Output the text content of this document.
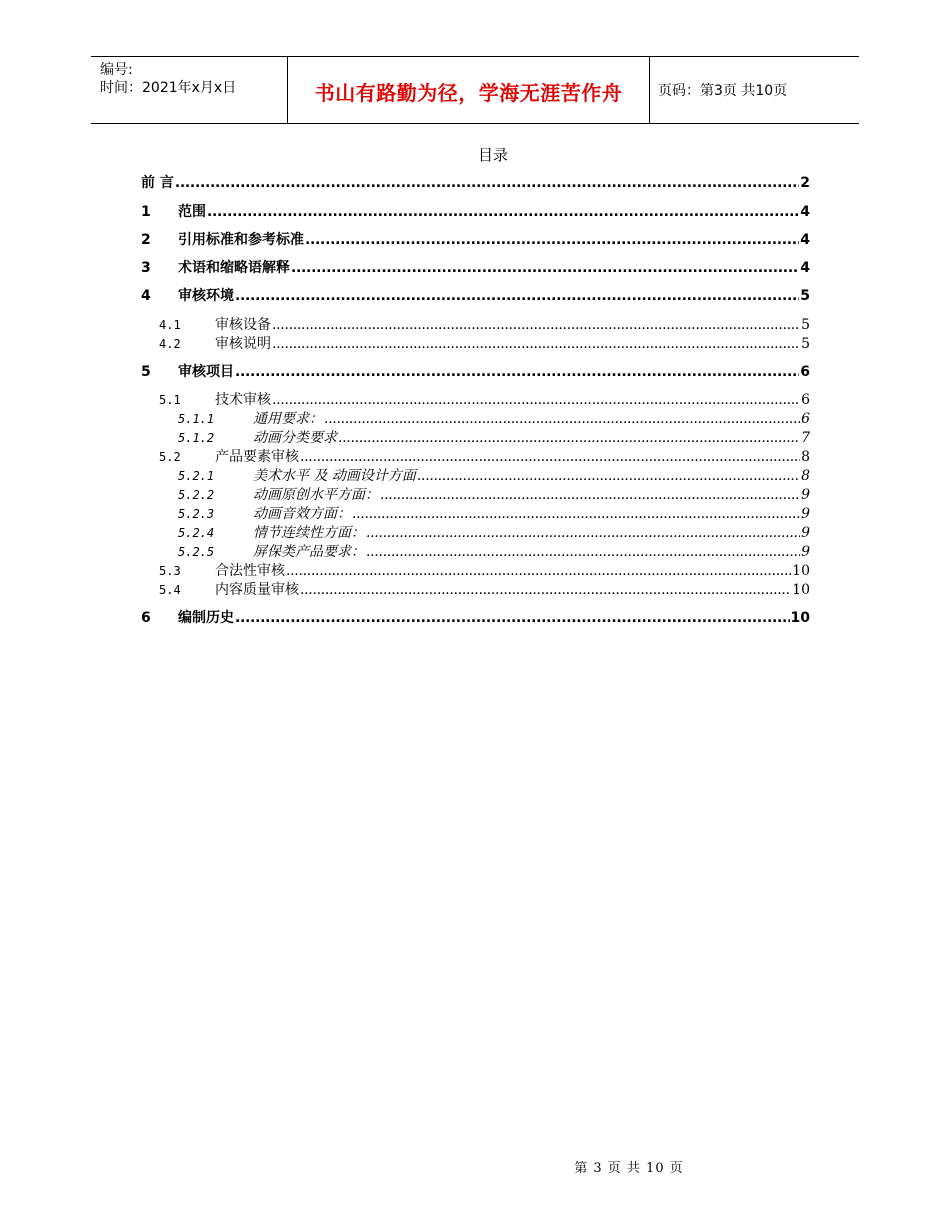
编号:
时间：2021年x月x日	书山有路勤为径，学海无涯苦作舟	页码：第3页 共10页
目录
前 言 .....	2
1	范围 .....	4
2	引用标准和参考标准 .....	4
3	术语和缩略语解释 .....	4
4	审核环境 .....	5
4.1	审核设备 .....	5
4.2	审核说明 .....	5
5	审核项目 .....	6
5.1	技术审核 .....	6
5.1.1	通用要求： .....	6
5.1.2	动画分类要求 .....	7
5.2	产品要素审核 .....	8
5.2.1	美术水平 及 动画设计方面 .....	8
5.2.2	动画原创水平方面： .....	9
5.2.3	动画音效方面： .....	9
5.2.4	情节连续性方面： .....	9
5.2.5	屏保类产品要求： .....	9
5.3	合法性审核 .....	10
5.4	内容质量审核 .....	10
6	编制历史 .....	10
第 3 页 共 10 页
